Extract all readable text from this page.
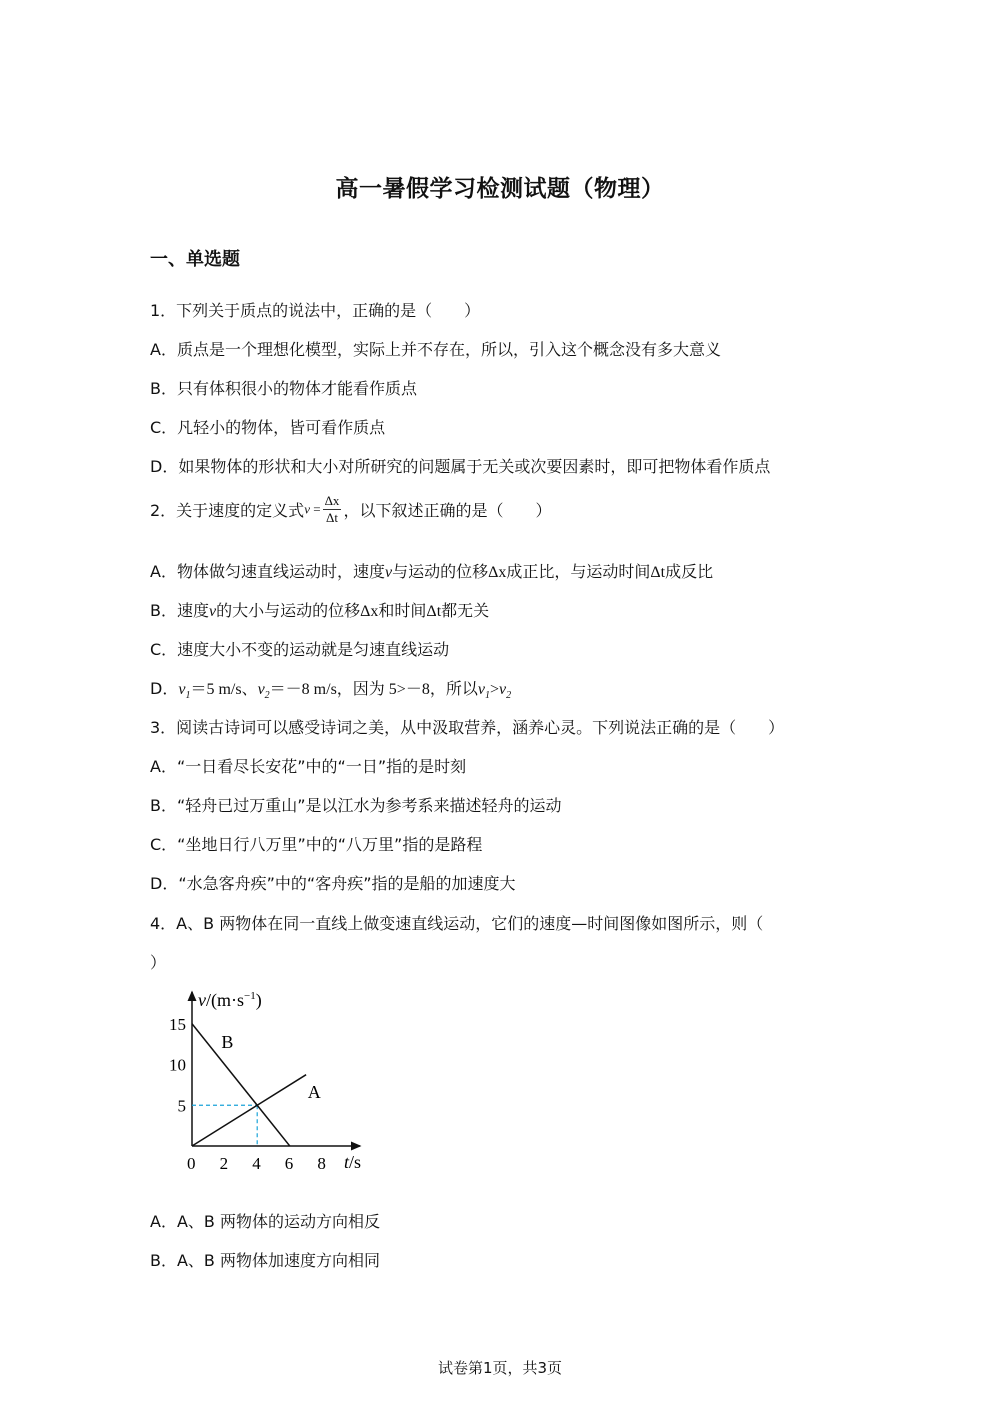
高一暑假学习检测试题（物理）
一、单选题
1．下列关于质点的说法中，正确的是（　　）
A．质点是一个理想化模型，实际上并不存在，所以，引入这个概念没有多大意义
B．只有体积很小的物体才能看作质点
C．凡轻小的物体，皆可看作质点
D．如果物体的形状和大小对所研究的问题属于无关或次要因素时，即可把物体看作质点
2．关于速度的定义式$v = \frac{\Delta x}{\Delta t}$ ，以下叙述正确的是（　　）
A．物体做匀速直线运动时，速度v与运动的位移Δx成正比，与运动时间Δt成反比
B．速度v的大小与运动的位移Δx和时间Δt都无关
C．速度大小不变的运动就是匀速直线运动
D．$v_1=5$ m/s、$v_2=-8$ m/s，因为 5>－8，所以$v_1>v_2$
3．阅读古诗词可以感受诗词之美，从中汲取营养，涵养心灵。下列说法正确的是（　　）
A．“一日看尽长安花”中的“一日”指的是时刻
B．“轻舟已过万重山”是以江水为参考系来描述轻舟的运动
C．“坐地日行八万里”中的“八万里”指的是路程
D．“水急客舟疾”中的“客舟疾”指的是船的加速度大
4．A、B 两物体在同一直线上做变速直线运动，它们的速度—时间图像如图所示，则（
）
A
B
0 2 4 6 8
5
10
15
$v/(m\cdot s^{-1})$
t/s
A．A、B 两物体的运动方向相反
B．A、B 两物体加速度方向相同
试卷第1页，共3页
